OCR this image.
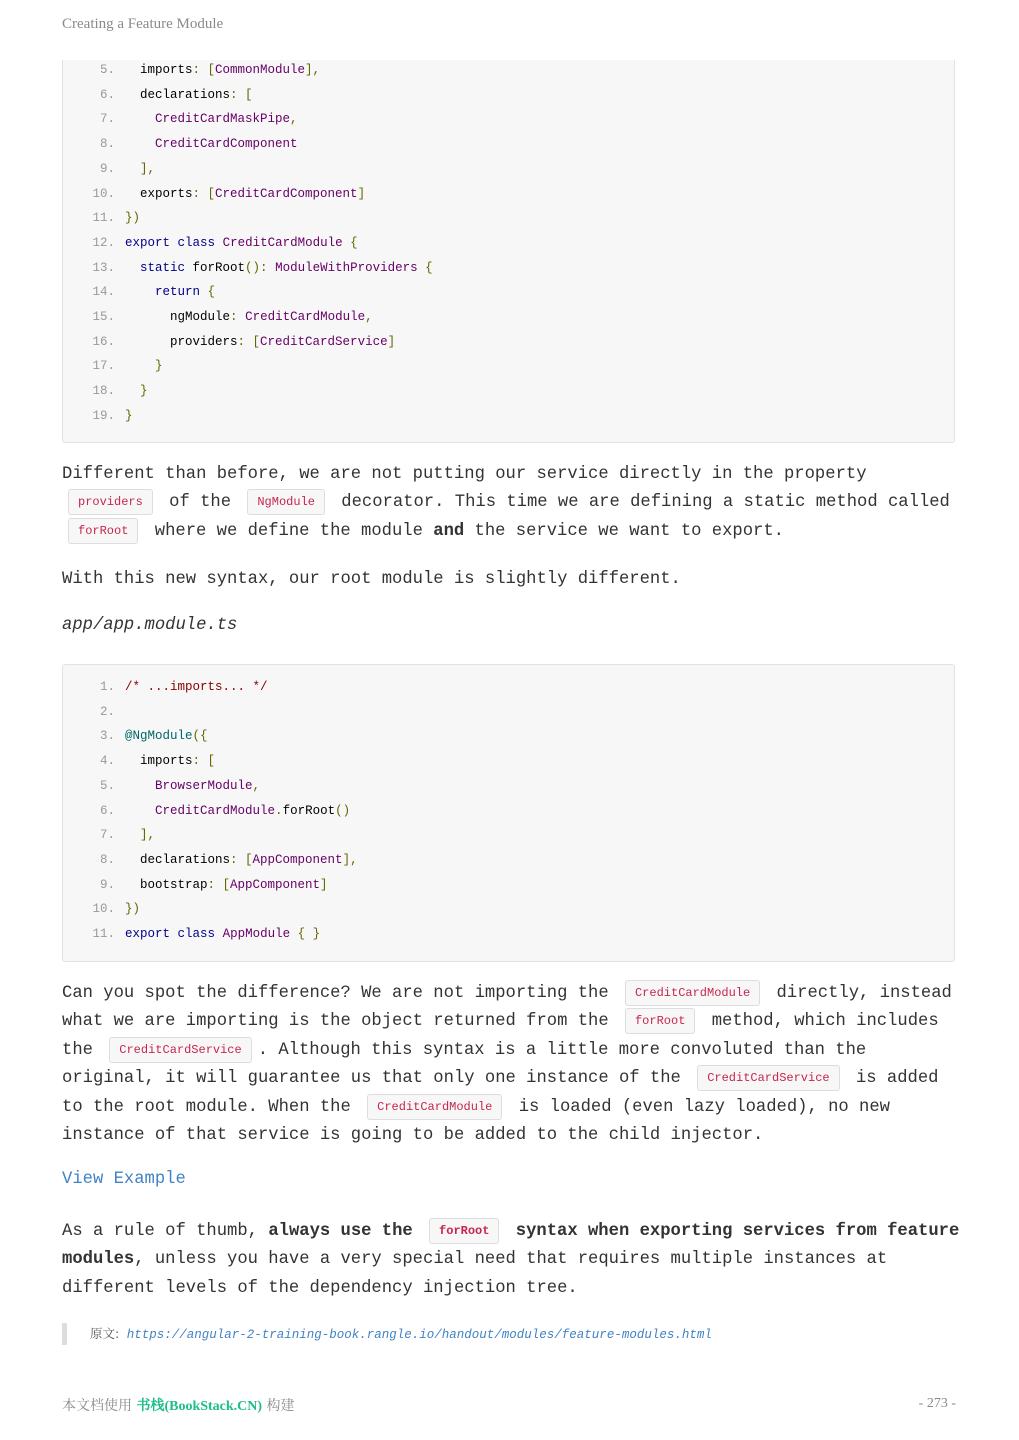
Creating a Feature Module
5.  imports: [CommonModule],
6.  declarations: [
7.	CreditCardMaskPipe,
8.	CreditCardComponent
9.  ],
10.  exports: [CreditCardComponent]
11. })
12. export class CreditCardModule {
13. static forRoot(): ModuleWithProviders {
14.	return {
15.      ngModule: CreditCardModule,
16.      providers: [CreditCardService]
17.    }
18.  }
19. }

Different than before, we are not putting our service directly in the property
providers of the NgModule decorator. This time we are defining a static method called
forRoot where we define the module and the service we want to export.

With this new syntax, our root module is slightly different.

app/app.module.ts
1. /* ...imports... */
2.
3. @NgModule({
4.  imports: [
5.	BrowserModule,
6.	CreditCardModule.forRoot()
7.  ],
8.  declarations: [AppComponent],
9.  bootstrap: [AppComponent]
10. })
11. export class AppModule { }

Can you spot the difference? We are not importing the CreditCardModule directly, instead what we are importing is the object returned from the forRoot method, which includes the CreditCardService . Although this syntax is a little more convoluted than the original, it will guarantee us that only one instance of the CreditCardService is added to the root module. When the CreditCardModule is loaded (even lazy loaded), no new instance of that service is going to be added to the child injector.

View Example

As a rule of thumb, always use the forRoot syntax when exporting services from feature modules, unless you have a very special need that requires multiple instances at different levels of the dependency injection tree.

原文: https://angular-2-training-book.rangle.io/handout/modules/feature-modules.html
本文档使用 书栈(BookStack.CN) 构建	- 273 -
